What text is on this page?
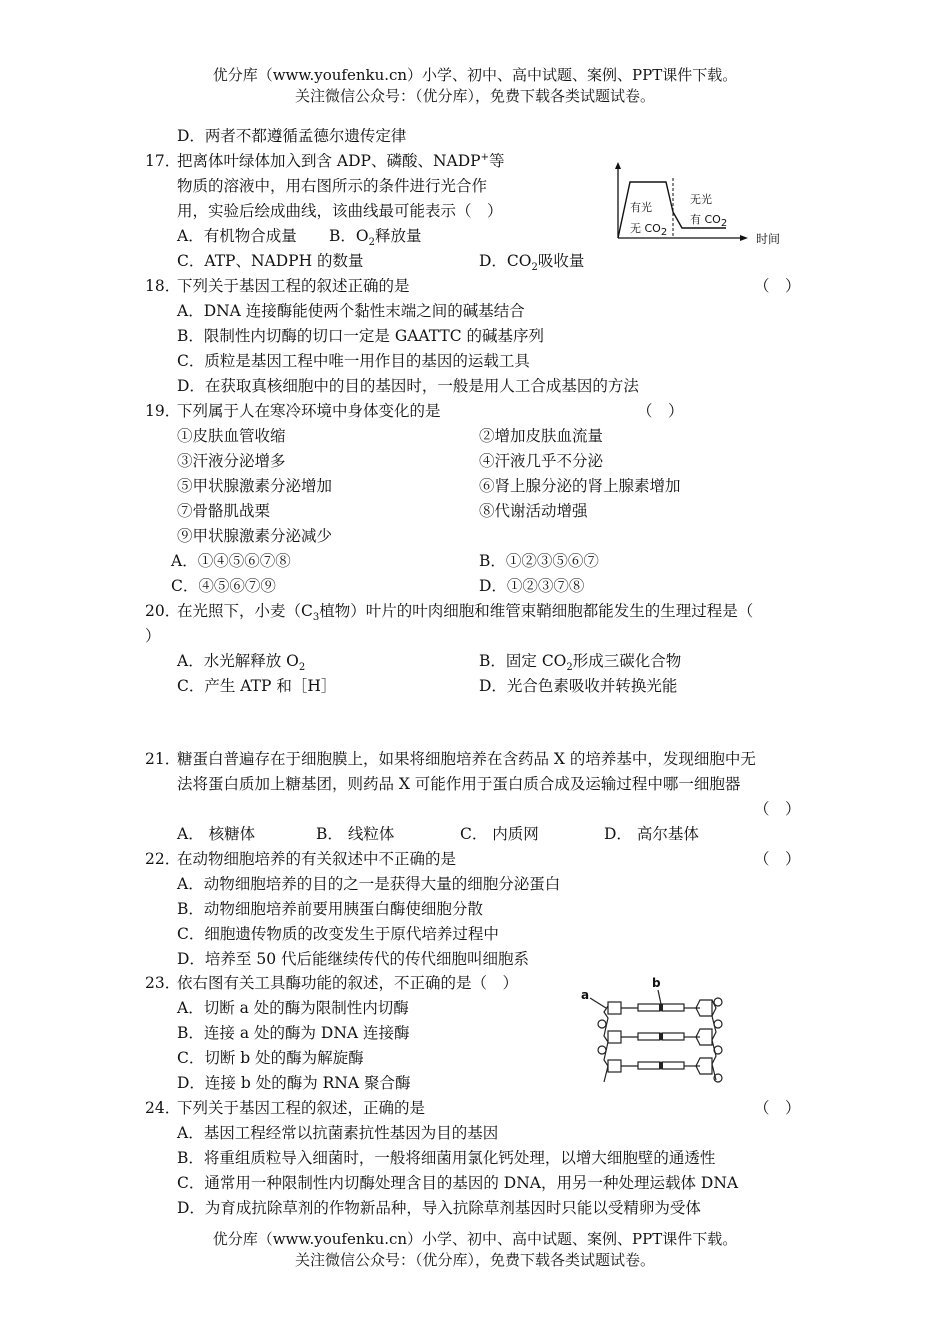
优分库（www.youfenku.cn）小学、初中、高中试题、案例、PPT课件下载。
关注微信公众号：（优分库），免费下载各类试题试卷。
D．两者不都遵循孟德尔遗传定律
17．
把离体叶绿体加入到含 ADP、磷酸、NADP+等
物质的溶液中，用右图所示的条件进行光合作
用，实验后绘成曲线，该曲线最可能表示（　）
A．有机物合成量 B．$O_2$释放量
C．ATP、NADPH 的数量	D．$CO_2$吸收量
有光
无 $CO_2$
无光
有 $CO_2$
时间
18．
下列关于基因工程的叙述正确的是	（　）
A．DNA 连接酶能使两个黏性末端之间的碱基结合
B．限制性内切酶的切口一定是 GAATTC 的碱基序列
C．质粒是基因工程中唯一用作目的基因的运载工具
D．在获取真核细胞中的目的基因时，一般是用人工合成基因的方法
19．
下列属于人在寒冷环境中身体变化的是	（　）
①皮肤血管收缩	②增加皮肤血流量
③汗液分泌增多	④汗液几乎不分泌
⑤甲状腺激素分泌增加	⑥肾上腺分泌的肾上腺素增加
⑦骨骼肌战栗	⑧代谢活动增强
⑨甲状腺激素分泌减少
A．①④⑤⑥⑦⑧	B．①②③⑤⑥⑦
C．④⑤⑥⑦⑨	D．①②③⑦⑧
20．
在光照下，小麦（$C_3$植物）叶片的叶肉细胞和维管束鞘细胞都能发生的生理过程是（
）
A．水光解释放 $O_2$	B．固定 $CO_2$形成三碳化合物
C．产生 ATP 和［H］	D．光合色素吸收并转换光能
21．
糖蛋白普遍存在于细胞膜上，如果将细胞培养在含药品 X 的培养基中，发现细胞中无
法将蛋白质加上糖基团，则药品 X 可能作用于蛋白质合成及运输过程中哪一细胞器
（　）
A． 核糖体	B． 线粒体	C． 内质网	D． 高尔基体
22．
在动物细胞培养的有关叙述中不正确的是	（　）
A．动物细胞培养的目的之一是获得大量的细胞分泌蛋白
B．动物细胞培养前要用胰蛋白酶使细胞分散
C．细胞遗传物质的改变发生于原代培养过程中
D．培养至 50 代后能继续传代的传代细胞叫细胞系
23．
依右图有关工具酶功能的叙述，不正确的是（　）
A．切断 a 处的酶为限制性内切酶
B．连接 a 处的酶为 DNA 连接酶
C．切断 b 处的酶为解旋酶
D．连接 b 处的酶为 RNA 聚合酶
a
b
24．
下列关于基因工程的叙述，正确的是	（　）
A．基因工程经常以抗菌素抗性基因为目的基因
B．将重组质粒导入细菌时，一般将细菌用氯化钙处理，以增大细胞壁的通透性
C．通常用一种限制性内切酶处理含目的基因的 DNA，用另一种处理运载体 DNA
D．为育成抗除草剂的作物新品种，导入抗除草剂基因时只能以受精卵为受体
优分库（www.youfenku.cn）小学、初中、高中试题、案例、PPT课件下载。
关注微信公众号：（优分库），免费下载各类试题试卷。
